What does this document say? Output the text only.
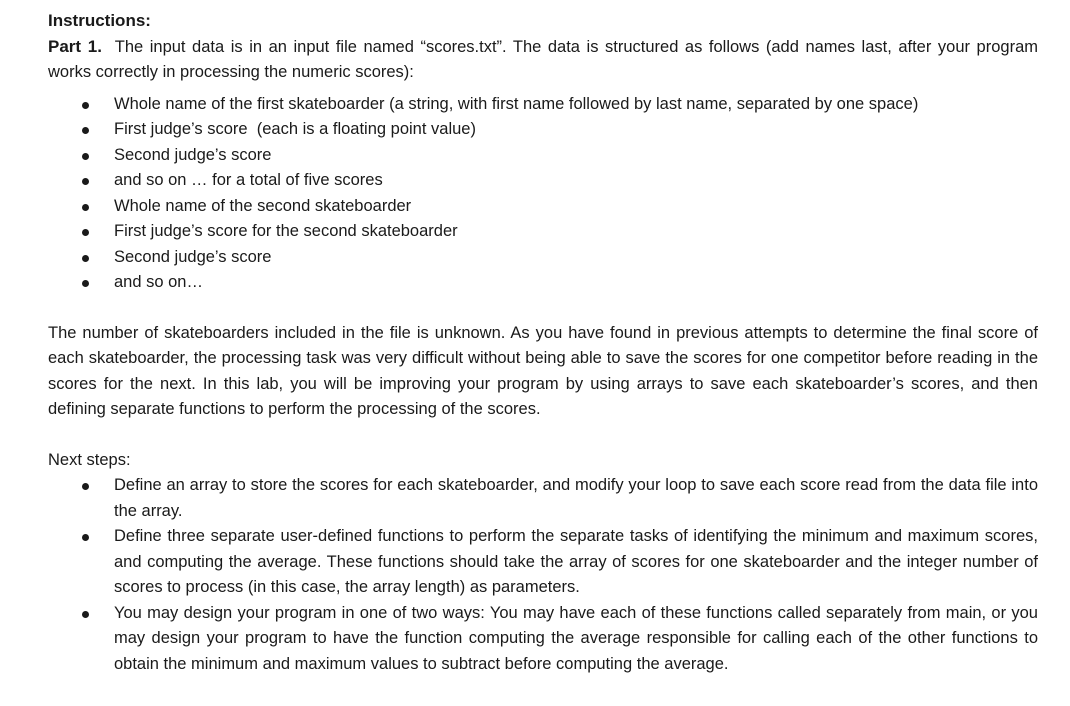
Instructions:

Part 1. The input data is in an input file named “scores.txt”. The data is structured as follows (add names last, after your program works correctly in processing the numeric scores):

Whole name of the first skateboarder (a string, with first name followed by last name, separated by one space)
First judge’s score  (each is a floating point value)
Second judge’s score
and so on … for a total of five scores
Whole name of the second skateboarder
First judge’s score for the second skateboarder
Second judge’s score
and so on…

The number of skateboarders included in the file is unknown. As you have found in previous attempts to determine the final score of each skateboarder, the processing task was very difficult without being able to save the scores for one competitor before reading in the scores for the next. In this lab, you will be improving your program by using arrays to save each skateboarder’s scores, and then defining separate functions to perform the processing of the scores.

Next steps:

Define an array to store the scores for each skateboarder, and modify your loop to save each score read from the data file into the array.
Define three separate user-defined functions to perform the separate tasks of identifying the minimum and maximum scores, and computing the average. These functions should take the array of scores for one skateboarder and the integer number of scores to process (in this case, the array length) as parameters.
You may design your program in one of two ways: You may have each of these functions called separately from main, or you may design your program to have the function computing the average responsible for calling each of the other functions to obtain the minimum and maximum values to subtract before computing the average.
